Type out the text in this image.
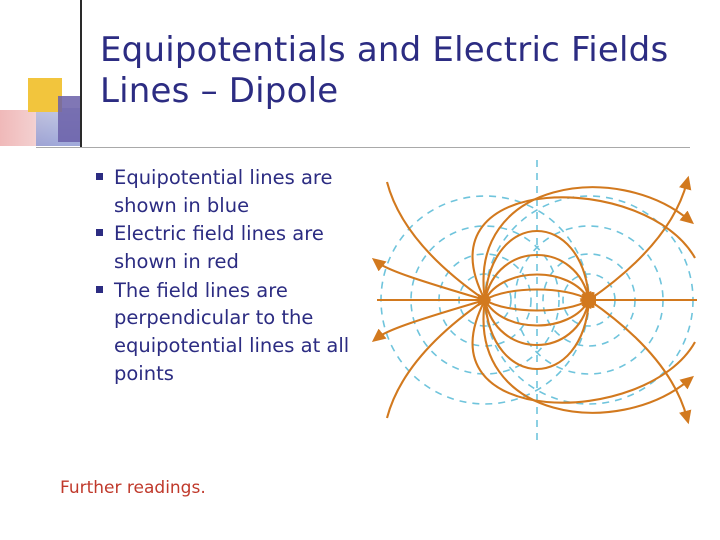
Equipotentials and Electric Fields Lines – Dipole
Equipotential lines are shown in blue
Electric field lines are shown in red
The field lines are perpendicular to the equipotential lines at all points
Further readings.
